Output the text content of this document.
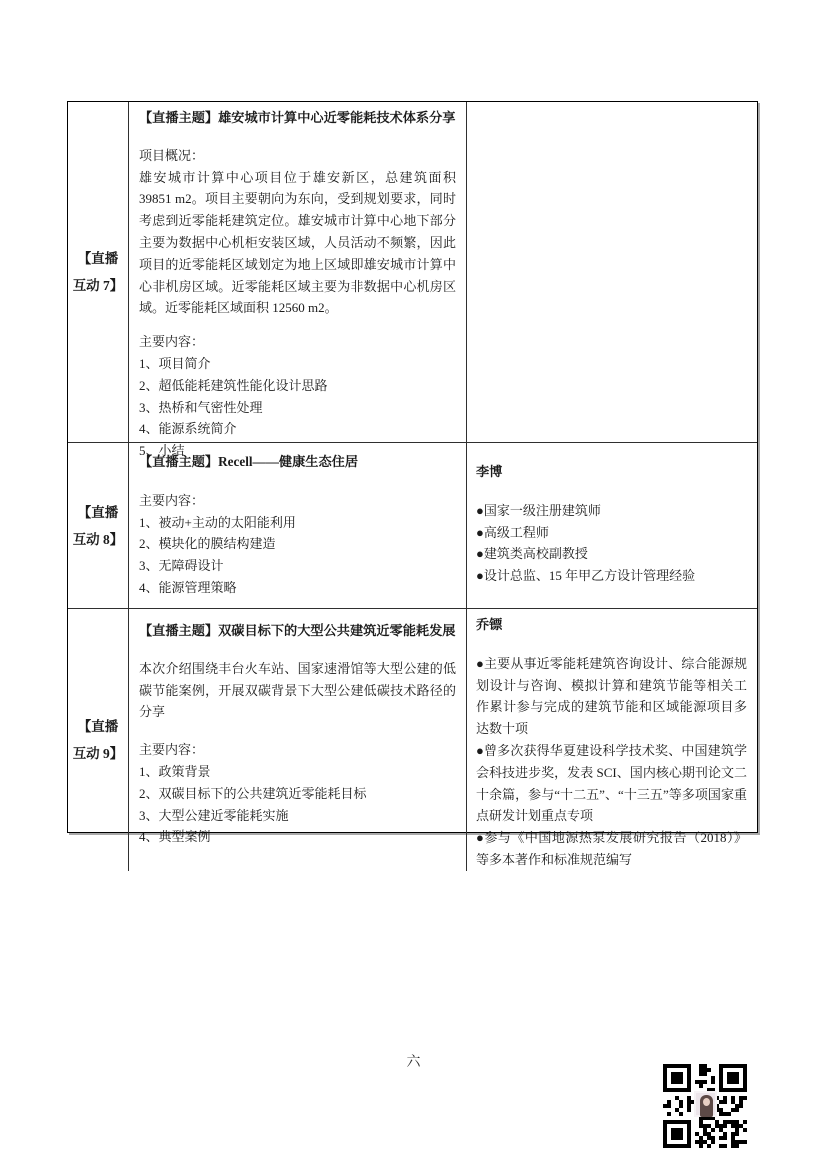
【直播
互动 7】
【直播主题】雄安城市计算中心近零能耗技术体系分享
项目概况：
雄安城市计算中心项目位于雄安新区，总建筑面积 39851 m2。项目主要朝向为东向，受到规划要求，同时考虑到近零能耗建筑定位。雄安城市计算中心地下部分主要为数据中心机柜安装区域，人员活动不频繁，因此项目的近零能耗区域划定为地上区域即雄安城市计算中心非机房区域。近零能耗区域主要为非数据中心机房区域。近零能耗区域面积 12560 m2。
主要内容：
1、项目简介
2、超低能耗建筑性能化设计思路
3、热桥和气密性处理
4、能源系统简介
5、小结
【直播
互动 8】
【直播主题】Recell——健康生态住居
主要内容：
1、被动+主动的太阳能利用
2、模块化的膜结构建造
3、无障碍设计
4、能源管理策略
李博
●国家一级注册建筑师
●高级工程师
●建筑类高校副教授
●设计总监、15 年甲乙方设计管理经验
【直播
互动 9】
【直播主题】双碳目标下的大型公共建筑近零能耗发展
本次介绍围绕丰台火车站、国家速滑馆等大型公建的低碳节能案例，开展双碳背景下大型公建低碳技术路径的分享
主要内容：
1、政策背景
2、双碳目标下的公共建筑近零能耗目标
3、大型公建近零能耗实施
4、典型案例
乔镖
●主要从事近零能耗建筑咨询设计、综合能源规划设计与咨询、模拟计算和建筑节能等相关工作累计参与完成的建筑节能和区域能源项目多达数十项
●曾多次获得华夏建设科学技术奖、中国建筑学会科技进步奖，发表 SCI、国内核心期刊论文二十余篇，参与“十二五”、“十三五”等多项国家重点研发计划重点专项
●参与《中国地源热泵发展研究报告（2018）》等多本著作和标准规范编写
六
